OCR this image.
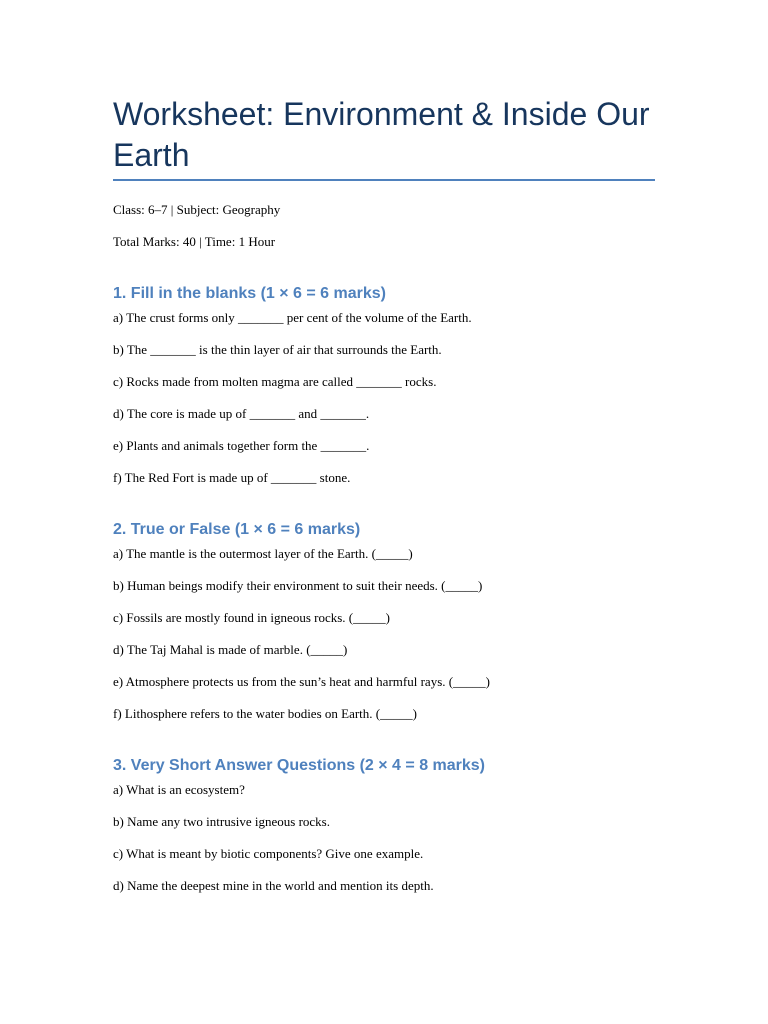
Worksheet: Environment & Inside Our Earth

Class: 6–7 | Subject: Geography

Total Marks: 40 | Time: 1 Hour

1. Fill in the blanks (1 × 6 = 6 marks)

a) The crust forms only _______ per cent of the volume of the Earth.

b) The _______ is the thin layer of air that surrounds the Earth.

c) Rocks made from molten magma are called _______ rocks.

d) The core is made up of _______ and _______.

e) Plants and animals together form the _______.

f) The Red Fort is made up of _______ stone.

2. True or False (1 × 6 = 6 marks)

a) The mantle is the outermost layer of the Earth. (_____)

b) Human beings modify their environment to suit their needs. (_____)

c) Fossils are mostly found in igneous rocks. (_____)

d) The Taj Mahal is made of marble. (_____)

e) Atmosphere protects us from the sun’s heat and harmful rays. (_____)

f) Lithosphere refers to the water bodies on Earth. (_____)

3. Very Short Answer Questions (2 × 4 = 8 marks)

a) What is an ecosystem?

b) Name any two intrusive igneous rocks.

c) What is meant by biotic components? Give one example.

d) Name the deepest mine in the world and mention its depth.
